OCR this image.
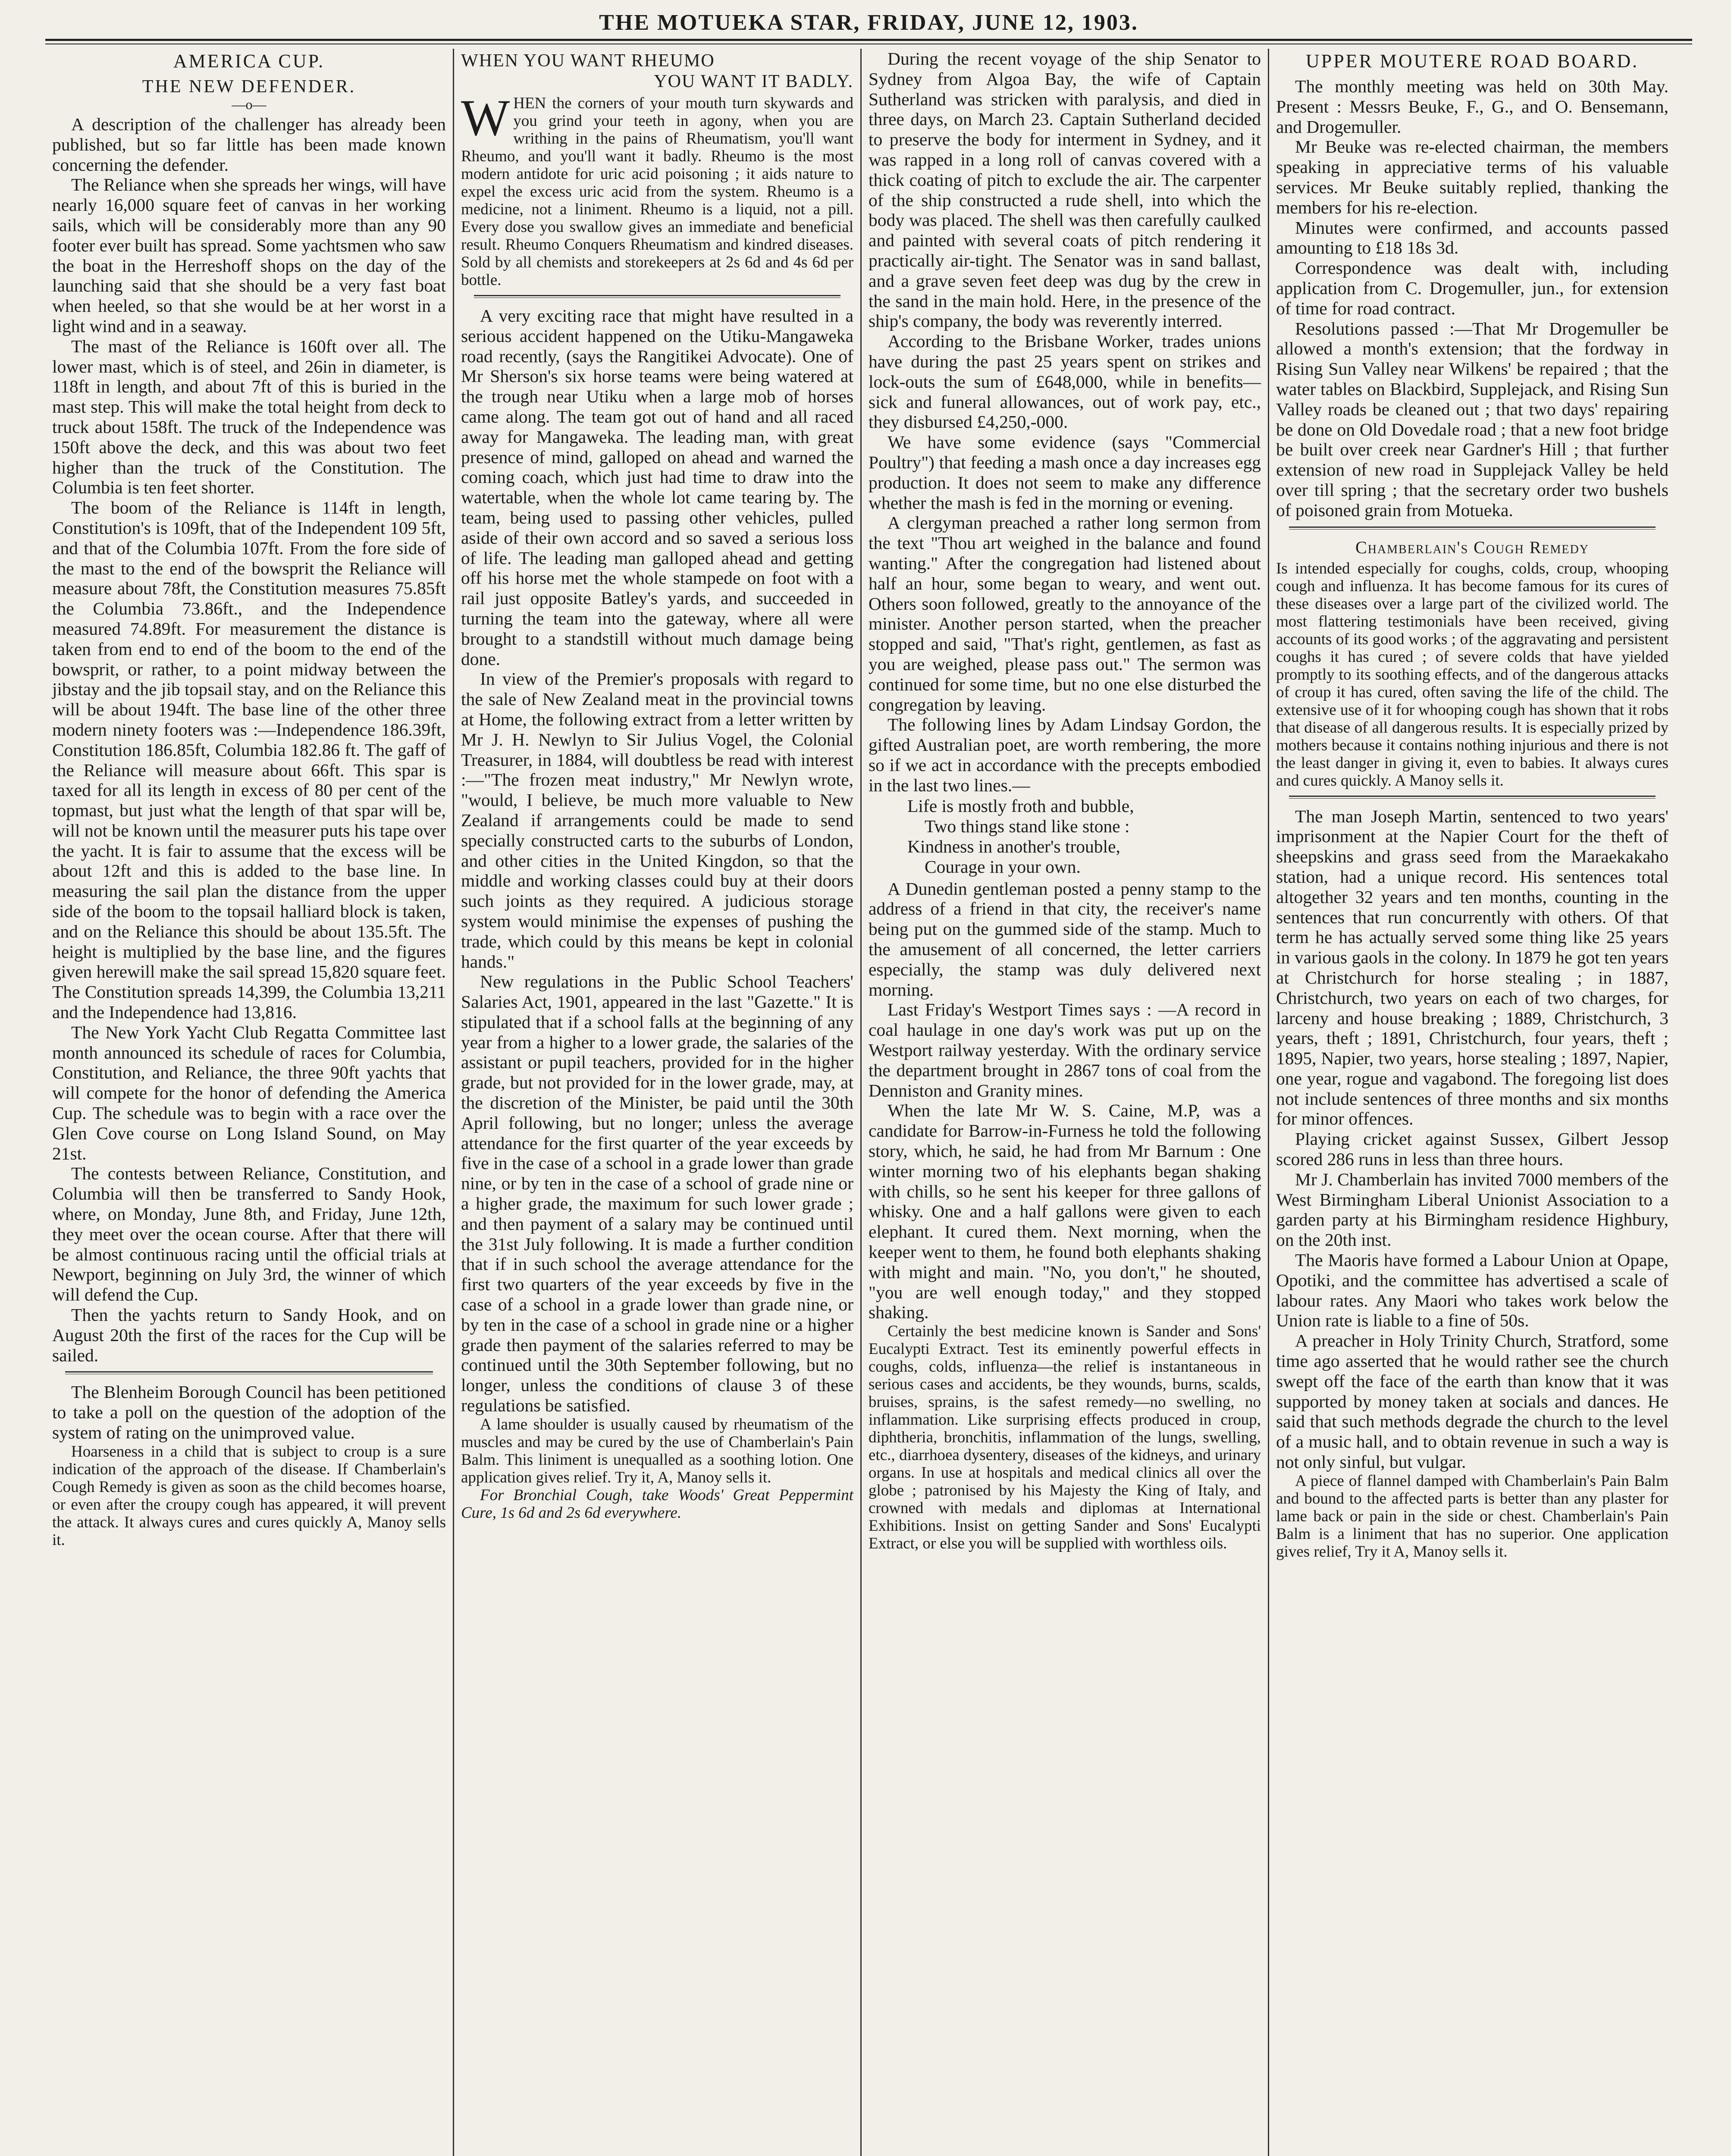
THE MOTUEKA STAR, FRIDAY, JUNE 12, 1903.
AMERICA CUP.
THE NEW DEFENDER.
—o—

A description of the challenger has already been published, but so far little has been made known concerning the defender.

The Reliance when she spreads her wings, will have nearly 16,000 square feet of canvas in her working sails, which will be considerably more than any 90 footer ever built has spread. Some yachtsmen who saw the boat in the Herreshoff shops on the day of the launching said that she should be a very fast boat when heeled, so that she would be at her worst in a light wind and in a seaway.

The mast of the Reliance is 160ft over all. The lower mast, which is of steel, and 26in in diameter, is 118ft in length, and about 7ft of this is buried in the mast step. This will make the total height from deck to truck about 158ft. The truck of the Independence was 150ft above the deck, and this was about two feet higher than the truck of the Constitution. The Columbia is ten feet shorter.

The boom of the Reliance is 114ft in length, Constitution's is 109ft, that of the Independent 109 5ft, and that of the Columbia 107ft. From the fore side of the mast to the end of the bowsprit the Reliance will measure about 78ft, the Constitution measures 75.85ft the Columbia 73.86ft., and the Independence measured 74.89ft. For measurement the distance is taken from end to end of the boom to the end of the bowsprit, or rather, to a point midway between the jibstay and the jib topsail stay, and on the Reliance this will be about 194ft. The base line of the other three modern ninety footers was :—Independence 186.39ft, Constitution 186.85ft, Columbia 182.86 ft. The gaff of the Reliance will measure about 66ft. This spar is taxed for all its length in excess of 80 per cent of the topmast, but just what the length of that spar will be, will not be known until the measurer puts his tape over the yacht. It is fair to assume that the excess will be about 12ft and this is added to the base line. In measuring the sail plan the distance from the upper side of the boom to the topsail halliard block is taken, and on the Reliance this should be about 135.5ft. The height is multiplied by the base line, and the figures given herewill make the sail spread 15,820 square feet. The Constitution spreads 14,399, the Columbia 13,211 and the Independence had 13,816.

The New York Yacht Club Regatta Committee last month announced its schedule of races for Columbia, Constitution, and Reliance, the three 90ft yachts that will compete for the honor of defending the America Cup. The schedule was to begin with a race over the Glen Cove course on Long Island Sound, on May 21st.

The contests between Reliance, Constitution, and Columbia will then be transferred to Sandy Hook, where, on Monday, June 8th, and Friday, June 12th, they meet over the ocean course. After that there will be almost continuous racing until the official trials at Newport, beginning on July 3rd, the winner of which will defend the Cup.

Then the yachts return to Sandy Hook, and on August 20th the first of the races for the Cup will be sailed.

The Blenheim Borough Council has been petitioned to take a poll on the question of the adoption of the system of rating on the unimproved value.

Hoarseness in a child that is subject to croup is a sure indication of the approach of the disease. If Chamberlain's Cough Remedy is given as soon as the child becomes hoarse, or even after the croupy cough has appeared, it will prevent the attack. It always cures and cures quickly A, Manoy sells it.

WHEN YOU WANT RHEUMO
YOU WANT IT BADLY.

WHEN the corners of your mouth turn skywards and you grind your teeth in agony, when you are writhing in the pains of Rheumatism, you'll want Rheumo, and you'll want it badly. Rheumo is the most modern antidote for uric acid poisoning ; it aids nature to expel the excess uric acid from the system. Rheumo is a medicine, not a liniment. Rheumo is a liquid, not a pill. Every dose you swallow gives an immediate and beneficial result. Rheumo Conquers Rheumatism and kindred diseases. Sold by all chemists and storekeepers at 2s 6d and 4s 6d per bottle.

A very exciting race that might have resulted in a serious accident happened on the Utiku-Mangaweka road recently, (says the Rangitikei Advocate). One of Mr Sherson's six horse teams were being watered at the trough near Utiku when a large mob of horses came along. The team got out of hand and all raced away for Mangaweka. The leading man, with great presence of mind, galloped on ahead and warned the coming coach, which just had time to draw into the watertable, when the whole lot came tearing by. The team, being used to passing other vehicles, pulled aside of their own accord and so saved a serious loss of life. The leading man galloped ahead and getting off his horse met the whole stampede on foot with a rail just opposite Batley's yards, and succeeded in turning the team into the gateway, where all were brought to a standstill without much damage being done.

In view of the Premier's proposals with regard to the sale of New Zealand meat in the provincial towns at Home, the following extract from a letter written by Mr J. H. Newlyn to Sir Julius Vogel, the Colonial Treasurer, in 1884, will doubtless be read with interest :—"The frozen meat industry," Mr Newlyn wrote, "would, I believe, be much more valuable to New Zealand if arrangements could be made to send specially constructed carts to the suburbs of London, and other cities in the United Kingdon, so that the middle and working classes could buy at their doors such joints as they required. A judicious storage system would minimise the expenses of pushing the trade, which could by this means be kept in colonial hands."

New regulations in the Public School Teachers' Salaries Act, 1901, appeared in the last "Gazette." It is stipulated that if a school falls at the beginning of any year from a higher to a lower grade, the salaries of the assistant or pupil teachers, provided for in the higher grade, but not provided for in the lower grade, may, at the discretion of the Minister, be paid until the 30th April following, but no longer; unless the average attendance for the first quarter of the year exceeds by five in the case of a school in a grade lower than grade nine, or by ten in the case of a school of grade nine or a higher grade, the maximum for such lower grade ; and then payment of a salary may be continued until the 31st July following. It is made a further condition that if in such school the average attendance for the first two quarters of the year exceeds by five in the case of a school in a grade lower than grade nine, or by ten in the case of a school in grade nine or a higher grade then payment of the salaries referred to may be continued until the 30th September following, but no longer, unless the conditions of clause 3 of these regulations be satisfied.

A lame shoulder is usually caused by rheumatism of the muscles and may be cured by the use of Chamberlain's Pain Balm. This liniment is unequalled as a soothing lotion. One application gives relief. Try it, A, Manoy sells it.

For Bronchial Cough, take Woods' Great Peppermint Cure, 1s 6d and 2s 6d everywhere.

During the recent voyage of the ship Senator to Sydney from Algoa Bay, the wife of Captain Sutherland was stricken with paralysis, and died in three days, on March 23. Captain Sutherland decided to preserve the body for interment in Sydney, and it was rapped in a long roll of canvas covered with a thick coating of pitch to exclude the air. The carpenter of the ship constructed a rude shell, into which the body was placed. The shell was then carefully caulked and painted with several coats of pitch rendering it practically air-tight. The Senator was in sand ballast, and a grave seven feet deep was dug by the crew in the sand in the main hold. Here, in the presence of the ship's company, the body was reverently interred.

According to the Brisbane Worker, trades unions have during the past 25 years spent on strikes and lock-outs the sum of £648,000, while in benefits—sick and funeral allowances, out of work pay, etc., they disbursed £4,250,-000.

We have some evidence (says "Commercial Poultry") that feeding a mash once a day increases egg production. It does not seem to make any difference whether the mash is fed in the morning or evening.

A clergyman preached a rather long sermon from the text "Thou art weighed in the balance and found wanting." After the congregation had listened about half an hour, some began to weary, and went out. Others soon followed, greatly to the annoyance of the minister. Another person started, when the preacher stopped and said, "That's right, gentlemen, as fast as you are weighed, please pass out." The sermon was continued for some time, but no one else disturbed the congregation by leaving.

The following lines by Adam Lindsay Gordon, the gifted Australian poet, are worth rembering, the more so if we act in accordance with the precepts embodied in the last two lines.—

Life is mostly froth and bubble,
Two things stand like stone :
Kindness in another's trouble,
Courage in your own.

A Dunedin gentleman posted a penny stamp to the address of a friend in that city, the receiver's name being put on the gummed side of the stamp. Much to the amusement of all concerned, the letter carriers especially, the stamp was duly delivered next morning.

Last Friday's Westport Times says : —A record in coal haulage in one day's work was put up on the Westport railway yesterday. With the ordinary service the department brought in 2867 tons of coal from the Denniston and Granity mines.

When the late Mr W. S. Caine, M.P, was a candidate for Barrow-in-Furness he told the following story, which, he said, he had from Mr Barnum : One winter morning two of his elephants began shaking with chills, so he sent his keeper for three gallons of whisky. One and a half gallons were given to each elephant. It cured them. Next morning, when the keeper went to them, he found both elephants shaking with might and main. "No, you don't," he shouted, "you are well enough today," and they stopped shaking.

Certainly the best medicine known is Sander and Sons' Eucalypti Extract. Test its eminently powerful effects in coughs, colds, influenza—the relief is instantaneous in serious cases and accidents, be they wounds, burns, scalds, bruises, sprains, is the safest remedy—no swelling, no inflammation. Like surprising effects produced in croup, diphtheria, bronchitis, inflammation of the lungs, swelling, etc., diarrhoea dysentery, diseases of the kidneys, and urinary organs. In use at hospitals and medical clinics all over the globe ; patronised by his Majesty the King of Italy, and crowned with medals and diplomas at International Exhibitions. Insist on getting Sander and Sons' Eucalypti Extract, or else you will be supplied with worthless oils.

UPPER MOUTERE ROAD BOARD.

The monthly meeting was held on 30th May. Present : Messrs Beuke, F., G., and O. Bensemann, and Drogemuller.

Mr Beuke was re-elected chairman, the members speaking in appreciative terms of his valuable services. Mr Beuke suitably replied, thanking the members for his re-election.

Minutes were confirmed, and accounts passed amounting to £18 18s 3d.

Correspondence was dealt with, including application from C. Drogemuller, jun., for extension of time for road contract.

Resolutions passed :—That Mr Drogemuller be allowed a month's extension; that the fordway in Rising Sun Valley near Wilkens' be repaired ; that the water tables on Blackbird, Supplejack, and Rising Sun Valley roads be cleaned out ; that two days' repairing be done on Old Dovedale road ; that a new foot bridge be built over creek near Gardner's Hill ; that further extension of new road in Supplejack Valley be held over till spring ; that the secretary order two bushels of poisoned grain from Motueka.

Chamberlain's Cough Remedy

Is intended especially for coughs, colds, croup, whooping cough and influenza. It has become famous for its cures of these diseases over a large part of the civilized world. The most flattering testimonials have been received, giving accounts of its good works ; of the aggravating and persistent coughs it has cured ; of severe colds that have yielded promptly to its soothing effects, and of the dangerous attacks of croup it has cured, often saving the life of the child. The extensive use of it for whooping cough has shown that it robs that disease of all dangerous results. It is especially prized by mothers because it contains nothing injurious and there is not the least danger in giving it, even to babies. It always cures and cures quickly. A Manoy sells it.

The man Joseph Martin, sentenced to two years' imprisonment at the Napier Court for the theft of sheepskins and grass seed from the Maraekakaho station, had a unique record. His sentences total altogether 32 years and ten months, counting in the sentences that run concurrently with others. Of that term he has actually served some thing like 25 years in various gaols in the colony. In 1879 he got ten years at Christchurch for horse stealing ; in 1887, Christchurch, two years on each of two charges, for larceny and house breaking ; 1889, Christchurch, 3 years, theft ; 1891, Christchurch, four years, theft ; 1895, Napier, two years, horse stealing ; 1897, Napier, one year, rogue and vagabond. The foregoing list does not include sentences of three months and six months for minor offences.

Playing cricket against Sussex, Gilbert Jessop scored 286 runs in less than three hours.

Mr J. Chamberlain has invited 7000 members of the West Birmingham Liberal Unionist Association to a garden party at his Birmingham residence Highbury, on the 20th inst.

The Maoris have formed a Labour Union at Opape, Opotiki, and the committee has advertised a scale of labour rates. Any Maori who takes work below the Union rate is liable to a fine of 50s.

A preacher in Holy Trinity Church, Stratford, some time ago asserted that he would rather see the church swept off the face of the earth than know that it was supported by money taken at socials and dances. He said that such methods degrade the church to the level of a music hall, and to obtain revenue in such a way is not only sinful, but vulgar.

A piece of flannel damped with Chamberlain's Pain Balm and bound to the affected parts is better than any plaster for lame back or pain in the side or chest. Chamberlain's Pain Balm is a liniment that has no superior. One application gives relief, Try it A, Manoy sells it.
